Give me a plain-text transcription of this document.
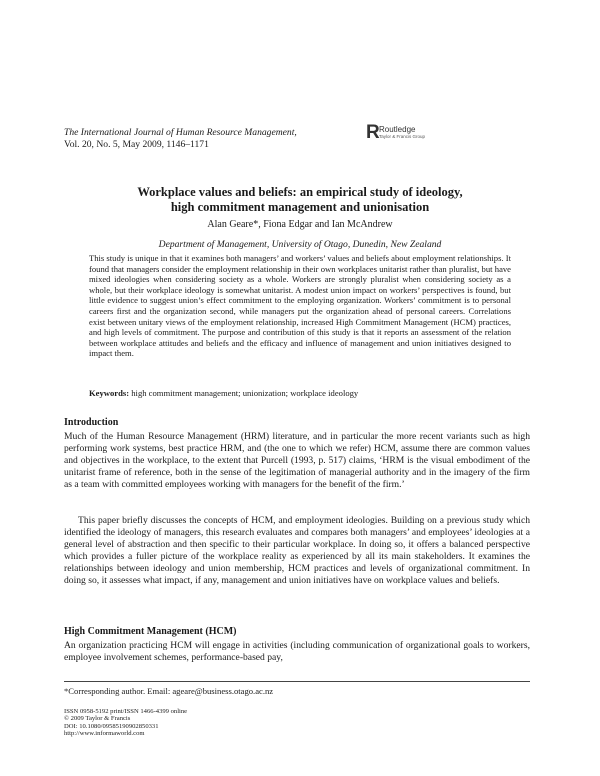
The International Journal of Human Resource Management,
Vol. 20, No. 5, May 2009, 1146–1171
R Routledge
Taylor & Francis Group
Workplace values and beliefs: an empirical study of ideology,
high commitment management and unionisation
Alan Geare*, Fiona Edgar and Ian McAndrew
Department of Management, University of Otago, Dunedin, New Zealand
This study is unique in that it examines both managers’ and workers’ values and beliefs about employment relationships. It found that managers consider the employment relationship in their own workplaces unitarist rather than pluralist, but have mixed ideologies when considering society as a whole. Workers are strongly pluralist when considering society as a whole, but their workplace ideology is somewhat unitarist. A modest union impact on workers’ perspectives is found, but little evidence to suggest union’s effect commitment to the employing organization. Workers’ commitment is to personal careers first and the organization second, while managers put the organization ahead of personal careers. Correlations exist between unitary views of the employment relationship, increased High Commitment Management (HCM) practices, and high levels of commitment. The purpose and contribution of this study is that it reports an assessment of the relation between workplace attitudes and beliefs and the efficacy and influence of management and union initiatives designed to impact them.
Keywords: high commitment management; unionization; workplace ideology
Introduction
Much of the Human Resource Management (HRM) literature, and in particular the more recent variants such as high performing work systems, best practice HRM, and (the one to which we refer) HCM, assume there are common values and objectives in the workplace, to the extent that Purcell (1993, p. 517) claims, ‘HRM is the visual embodiment of the unitarist frame of reference, both in the sense of the legitimation of managerial authority and in the imagery of the firm as a team with committed employees working with managers for the benefit of the firm.’
This paper briefly discusses the concepts of HCM, and employment ideologies. Building on a previous study which identified the ideology of managers, this research evaluates and compares both managers’ and employees’ ideologies at a general level of abstraction and then specific to their particular workplace. In doing so, it offers a balanced perspective which provides a fuller picture of the workplace reality as experienced by all its main stakeholders. It examines the relationships between ideology and union membership, HCM practices and levels of organizational commitment. In doing so, it assesses what impact, if any, management and union initiatives have on workplace values and beliefs.
High Commitment Management (HCM)
An organization practicing HCM will engage in activities (including communication of organizational goals to workers, employee involvement schemes, performance-based pay,
*Corresponding author. Email: ageare@business.otago.ac.nz
ISSN 0958-5192 print/ISSN 1466-4399 online
© 2009 Taylor & Francis
DOI: 10.1080/09585190902850331
http://www.informaworld.com
